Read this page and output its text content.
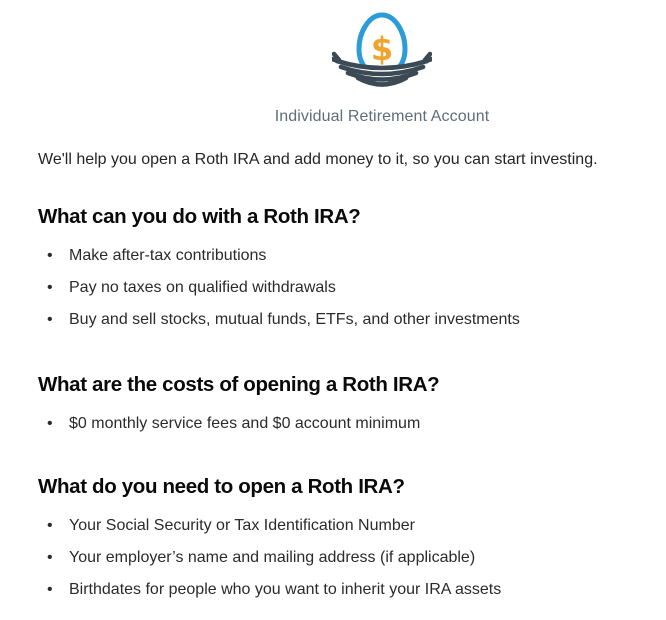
$
Individual Retirement Account

We'll help you open a Roth IRA and add money to it, so you can start investing.

What can you do with a Roth IRA?
• Make after-tax contributions
• Pay no taxes on qualified withdrawals
• Buy and sell stocks, mutual funds, ETFs, and other investments
What are the costs of opening a Roth IRA?
• $0 monthly service fees and $0 account minimum
What do you need to open a Roth IRA?
• Your Social Security or Tax Identification Number
• Your employer’s name and mailing address (if applicable)
• Birthdates for people who you want to inherit your IRA assets
